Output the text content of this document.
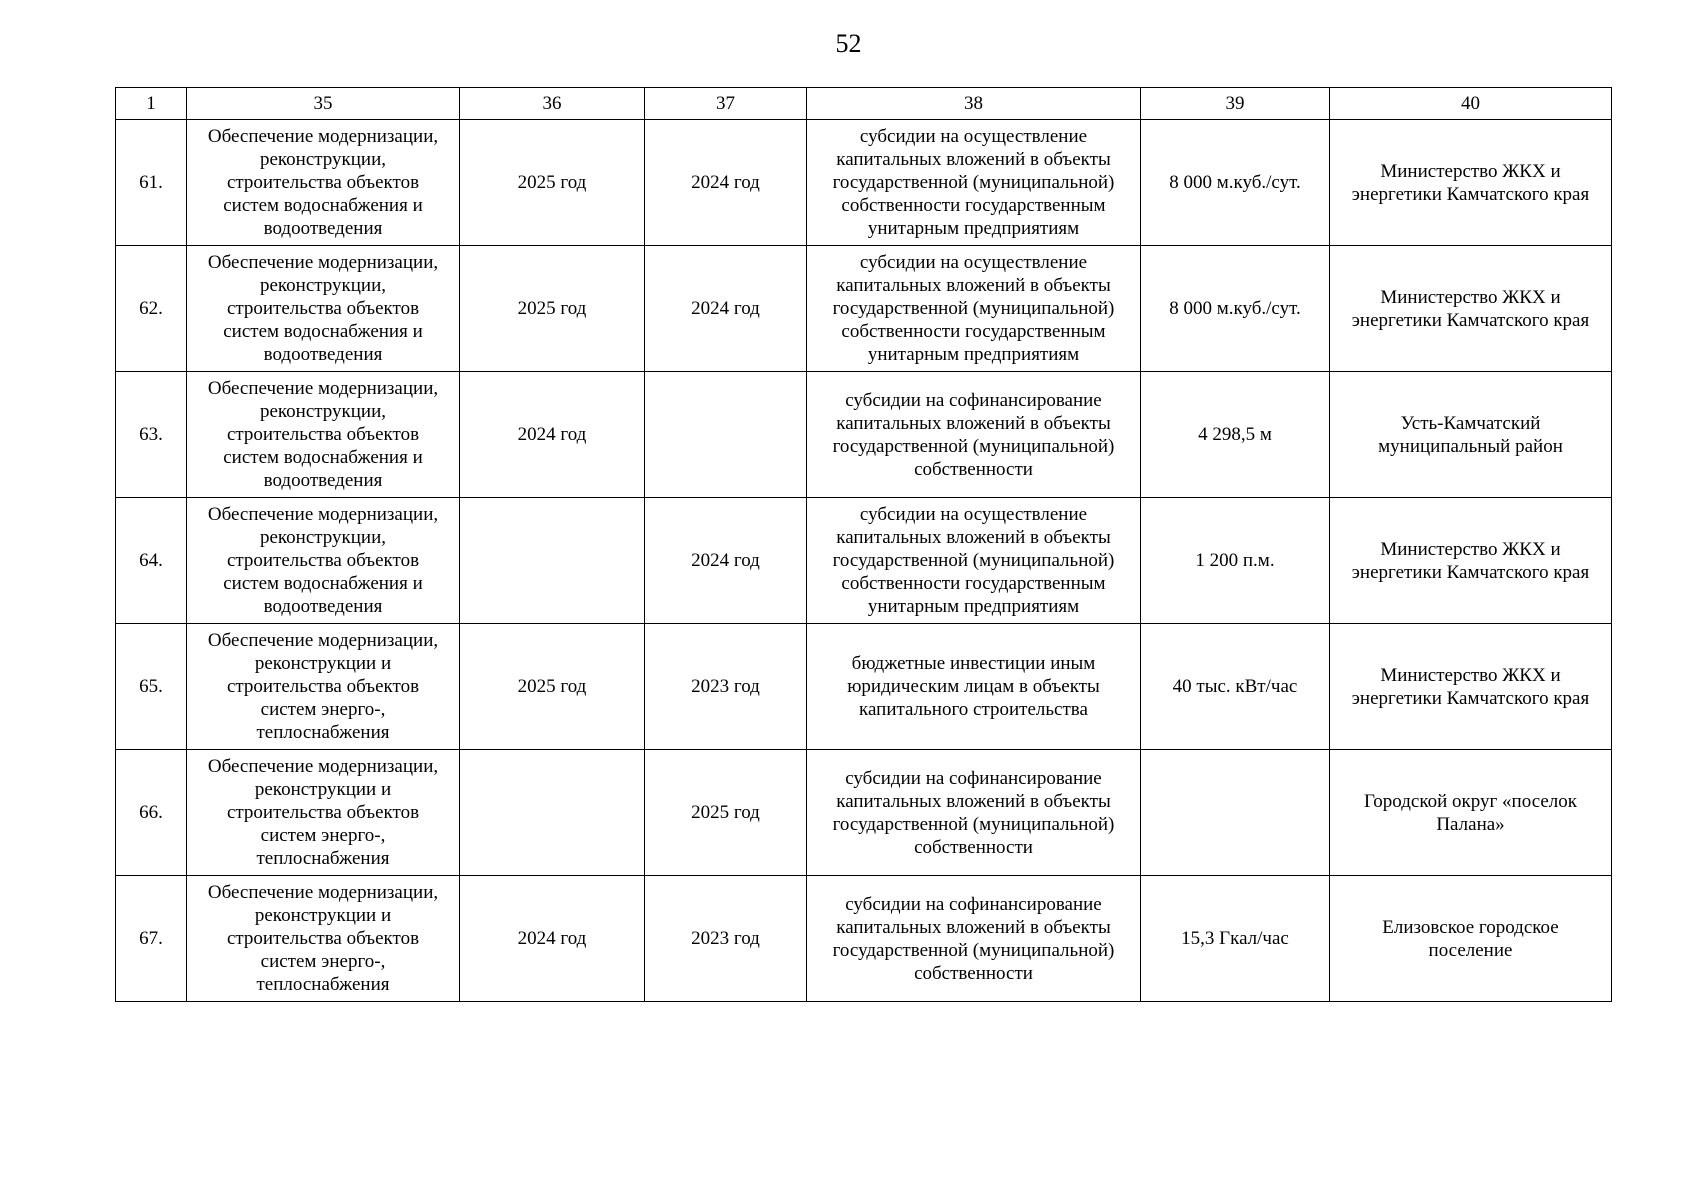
52
1	35	36	37	38	39	40
61.	Обеспечение модернизации,
реконструкции,
строительства объектов
систем водоснабжения и
водоотведения	2025 год	2024 год	субсидии на осуществление
капитальных вложений в объекты
государственной (муниципальной)
собственности государственным
унитарным предприятиям	8 000 м.куб./сут.	Министерство ЖКХ и
энергетики Камчатского края
62.	Обеспечение модернизации,
реконструкции,
строительства объектов
систем водоснабжения и
водоотведения	2025 год	2024 год	субсидии на осуществление
капитальных вложений в объекты
государственной (муниципальной)
собственности государственным
унитарным предприятиям	8 000 м.куб./сут.	Министерство ЖКХ и
энергетики Камчатского края
63.	Обеспечение модернизации,
реконструкции,
строительства объектов
систем водоснабжения и
водоотведения	2024 год		субсидии на софинансирование
капитальных вложений в объекты
государственной (муниципальной)
собственности	4 298,5 м	Усть-Камчатский
муниципальный район
64.	Обеспечение модернизации,
реконструкции,
строительства объектов
систем водоснабжения и
водоотведения		2024 год	субсидии на осуществление
капитальных вложений в объекты
государственной (муниципальной)
собственности государственным
унитарным предприятиям	1 200 п.м.	Министерство ЖКХ и
энергетики Камчатского края
65.	Обеспечение модернизации,
реконструкции и
строительства объектов
систем энерго-,
теплоснабжения	2025 год	2023 год	бюджетные инвестиции иным
юридическим лицам в объекты
капитального строительства	40 тыс. кВт/час	Министерство ЖКХ и
энергетики Камчатского края
66.	Обеспечение модернизации,
реконструкции и
строительства объектов
систем энерго-,
теплоснабжения		2025 год	субсидии на софинансирование
капитальных вложений в объекты
государственной (муниципальной)
собственности		Городской округ «поселок
Палана»
67.	Обеспечение модернизации,
реконструкции и
строительства объектов
систем энерго-,
теплоснабжения	2024 год	2023 год	субсидии на софинансирование
капитальных вложений в объекты
государственной (муниципальной)
собственности	15,3 Гкал/час	Елизовское городское
поселение
